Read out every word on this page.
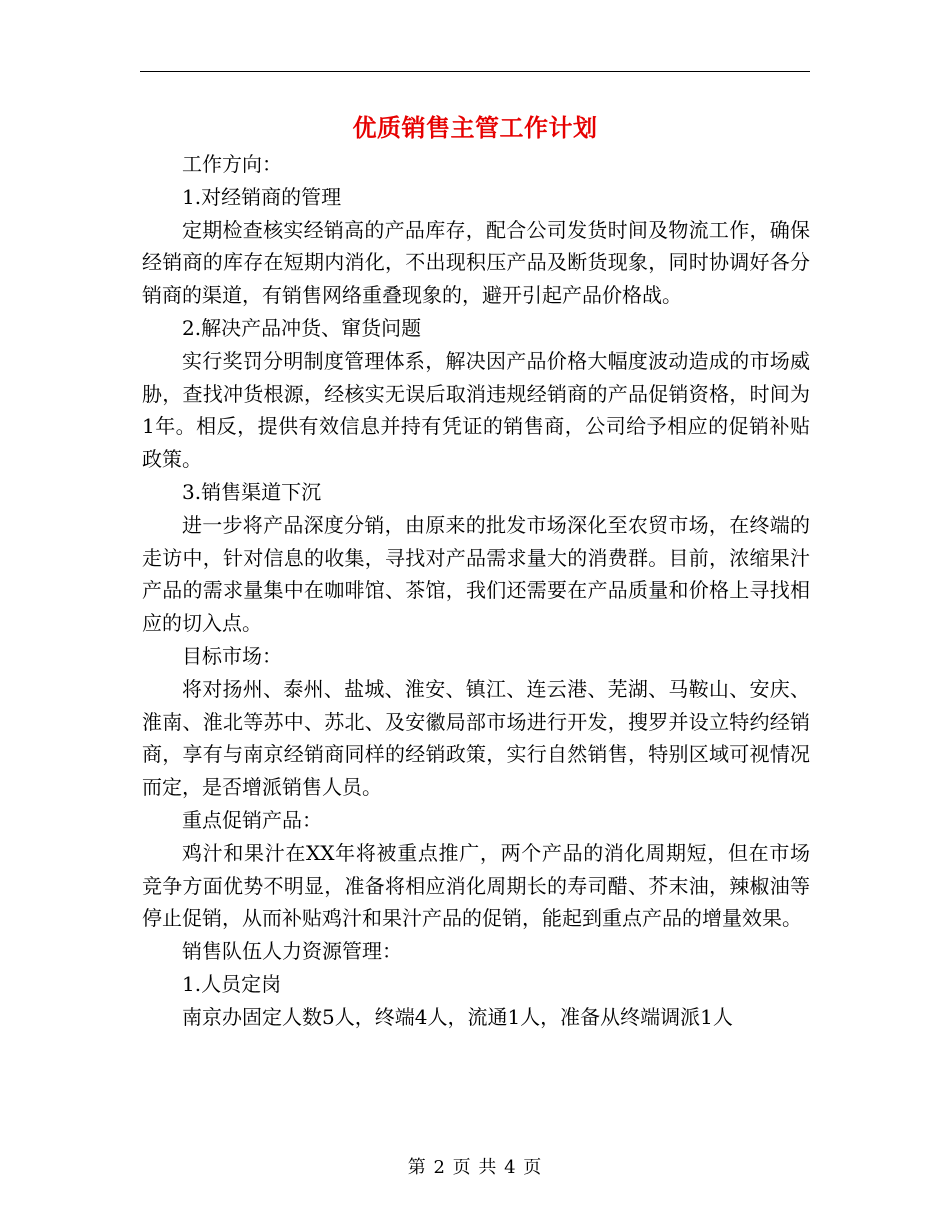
优质销售主管工作计划

工作方向：

1.对经销商的管理

定期检查核实经销高的产品库存，配合公司发货时间及物流工作，确保经销商的库存在短期内消化，不出现积压产品及断货现象，同时协调好各分销商的渠道，有销售网络重叠现象的，避开引起产品价格战。

2.解决产品冲货、窜货问题

实行奖罚分明制度管理体系，解决因产品价格大幅度波动造成的市场威胁，查找冲货根源，经核实无误后取消违规经销商的产品促销资格，时间为1年。相反，提供有效信息并持有凭证的销售商，公司给予相应的促销补贴政策。

3.销售渠道下沉

进一步将产品深度分销，由原来的批发市场深化至农贸市场，在终端的走访中，针对信息的收集，寻找对产品需求量大的消费群。目前，浓缩果汁产品的需求量集中在咖啡馆、茶馆，我们还需要在产品质量和价格上寻找相应的切入点。

目标市场：

将对扬州、泰州、盐城、淮安、镇江、连云港、芜湖、马鞍山、安庆、淮南、淮北等苏中、苏北、及安徽局部市场进行开发，搜罗并设立特约经销商，享有与南京经销商同样的经销政策，实行自然销售，特别区域可视情况而定，是否增派销售人员。

重点促销产品：

鸡汁和果汁在XX年将被重点推广，两个产品的消化周期短，但在市场竞争方面优势不明显，准备将相应消化周期长的寿司醋、芥末油，辣椒油等停止促销，从而补贴鸡汁和果汁产品的促销，能起到重点产品的增量效果。

销售队伍人力资源管理：

1.人员定岗

南京办固定人数5人，终端4人，流通1人，准备从终端调派1人

第 2 页 共 4 页
